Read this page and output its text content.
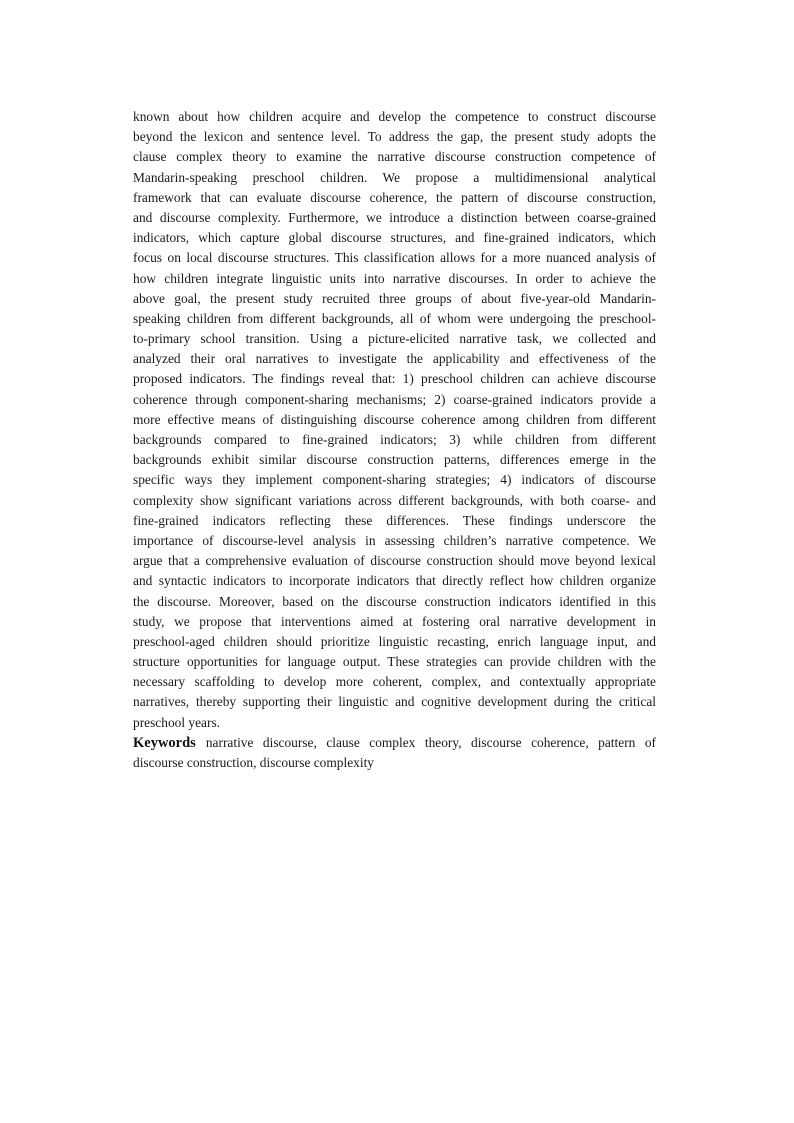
known about how children acquire and develop the competence to construct discourse
beyond the lexicon and sentence level. To address the gap, the present study adopts the
clause complex theory to examine the narrative discourse construction competence of
Mandarin-speaking preschool children. We propose a multidimensional analytical
framework that can evaluate discourse coherence, the pattern of discourse construction,
and discourse complexity. Furthermore, we introduce a distinction between coarse-grained
indicators, which capture global discourse structures, and fine-grained indicators, which
focus on local discourse structures. This classification allows for a more nuanced analysis of
how children integrate linguistic units into narrative discourses. In order to achieve the
above goal, the present study recruited three groups of about five-year-old Mandarin-
speaking children from different backgrounds, all of whom were undergoing the preschool-
to-primary school transition. Using a picture-elicited narrative task, we collected and
analyzed their oral narratives to investigate the applicability and effectiveness of the
proposed indicators. The findings reveal that: 1) preschool children can achieve discourse
coherence through component-sharing mechanisms; 2) coarse-grained indicators provide a
more effective means of distinguishing discourse coherence among children from different
backgrounds compared to fine-grained indicators; 3) while children from different
backgrounds exhibit similar discourse construction patterns, differences emerge in the
specific ways they implement component-sharing strategies; 4) indicators of discourse
complexity show significant variations across different backgrounds, with both coarse- and
fine-grained indicators reflecting these differences. These findings underscore the
importance of discourse-level analysis in assessing children’s narrative competence. We
argue that a comprehensive evaluation of discourse construction should move beyond lexical
and syntactic indicators to incorporate indicators that directly reflect how children organize
the discourse. Moreover, based on the discourse construction indicators identified in this
study, we propose that interventions aimed at fostering oral narrative development in
preschool-aged children should prioritize linguistic recasting, enrich language input, and
structure opportunities for language output. These strategies can provide children with the
necessary scaffolding to develop more coherent, complex, and contextually appropriate
narratives, thereby supporting their linguistic and cognitive development during the critical
preschool years.
Keywords narrative discourse, clause complex theory, discourse coherence, pattern of
discourse construction, discourse complexity
